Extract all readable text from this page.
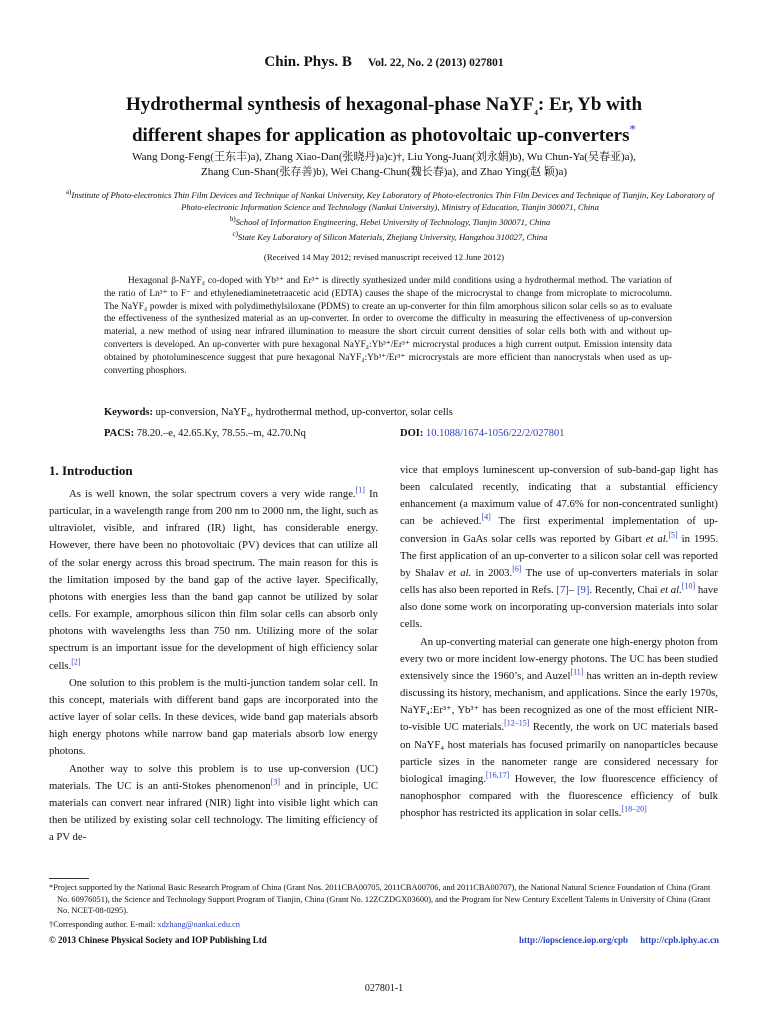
Chin. Phys. B Vol. 22, No. 2 (2013) 027801
Hydrothermal synthesis of hexagonal-phase NaYF$_4$: Er, Yb with
different shapes for application as photovoltaic up-converters*
Wang Dong-Feng(王东丰)a), Zhang Xiao-Dan(张晓丹)a)c)†, Liu Yong-Juan(刘永娟)b), Wu Chun-Ya(吴春亚)a),
Zhang Cun-Shan(张存善)b), Wei Chang-Chun(魏长春)a), and Zhao Ying(赵 颖)a)
$^{a)}$Institute of Photo-electronics Thin Film Devices and Technique of Nankai University, Key Laboratory of Photo-electronics Thin Film Devices and Technique of Tianjin, Key Laboratory of Photo-electronic Information Science and Technology (Nankai University), Ministry of Education, Tianjin 300071, China
$^{b)}$School of Information Engineering, Hebei University of Technology, Tianjin 300071, China
$^{c)}$State Key Laboratory of Silicon Materials, Zhejiang University, Hangzhou 310027, China
(Received 14 May 2012; revised manuscript received 12 June 2012)
Hexagonal β-NaYF₄ co-doped with Yb³⁺ and Er³⁺ is directly synthesized under mild conditions using a hydrothermal method. The variation of the ratio of Ln³⁺ to F⁻ and ethylenediaminetetraacetic acid (EDTA) causes the shape of the microcrystal to change from microplate to microcolumn. The NaYF₄ powder is mixed with polydimethylsiloxane (PDMS) to create an up-converter for thin film amorphous silicon solar cells so as to evaluate the effectiveness of the synthesized material as an up-converter. In order to overcome the difficulty in measuring the effectiveness of up-conversion material, a new method of using near infrared illumination to measure the short circuit current densities of solar cells both with and without up-converters is developed. An up-converter with pure hexagonal NaYF₄:Yb³⁺/Er³⁺ microcrystal produces a high current output. Emission intensity data obtained by photoluminescence suggest that pure hexagonal NaYF₄:Yb³⁺/Er³⁺ microcrystals are more efficient than nanocrystals when used as up-converting phosphors.
Keywords: up-conversion, NaYF₄, hydrothermal method, up-convertor, solar cells
PACS: 78.20.–e, 42.65.Ky, 78.55.–m, 42.70.Nq	DOI: 10.1088/1674-1056/22/2/027801
1. Introduction

As is well known, the solar spectrum covers a very wide range.[1] In particular, in a wavelength range from 200 nm to 2000 nm, the light, such as ultraviolet, visible, and infrared (IR) light, has considerable energy. However, there have been no photovoltaic (PV) devices that can utilize all of the solar energy across this broad spectrum. The main reason for this is the limitation imposed by the band gap of the active layer. Specifically, photons with energies less than the band gap cannot be utilized by solar cells. For example, amorphous silicon thin film solar cells can absorb only photons with wavelengths less than 750 nm. Utilizing more of the solar spectrum is an important issue for the development of high efficiency solar cells.[2]

One solution to this problem is the multi-junction tandem solar cell. In this concept, materials with different band gaps are incorporated into the active layer of solar cells. In these devices, wide band gap materials absorb high energy photons while narrow band gap materials absorb low energy photons.

Another way to solve this problem is to use up-conversion (UC) materials. The UC is an anti-Stokes phenomenon[3] and in principle, UC materials can convert near infrared (NIR) light into visible light which can then be utilized by existing solar cell technology. The limiting efficiency of a PV de-

vice that employs luminescent up-conversion of sub-band-gap light has been calculated recently, indicating that a substantial efficiency enhancement (a maximum value of 47.6% for non-concentrated sunlight) can be achieved.[4] The first experimental implementation of up-conversion in GaAs solar cells was reported by Gibart et al.[5] in 1995. The first application of an up-converter to a silicon solar cell was reported by Shalav et al. in 2003.[6] The use of up-converters materials in solar cells has also been reported in Refs. [7]– [9]. Recently, Chai et al.[10] have also done some work on incorporating up-conversion materials into solar cells.

An up-converting material can generate one high-energy photon from every two or more incident low-energy photons. The UC has been studied extensively since the 1960’s, and Auzel[11] has written an in-depth review discussing its history, mechanism, and applications. Since the early 1970s, NaYF₄:Er³⁺, Yb³⁺ has been recognized as one of the most efficient NIR-to-visible UC materials.[12–15] Recently, the work on UC materials based on NaYF₄ host materials has focused primarily on nanoparticles because particle sizes in the nanometer range are considered necessary for biological imaging.[16,17] However, the low fluorescence efficiency of nanophosphor compared with the fluorescence efficiency of bulk phosphor has restricted its application in solar cells.[18–20]

*Project supported by the National Basic Research Program of China (Grant Nos. 2011CBA00705, 2011CBA00706, and 2011CBA00707), the National Natural Science Foundation of China (Grant No. 60976051), the Science and Technology Support Program of Tianjin, China (Grant No. 12ZCZDGX03600), and the Program for New Century Excellent Talents in University of China (Grant No. NCET-08-0295).

†Corresponding author. E-mail: xdzhang@nankai.edu.cn

© 2013 Chinese Physical Society and IOP Publishing Ltd	http://iopscience.iop.org/cpb http://cpb.iphy.ac.cn
027801-1
